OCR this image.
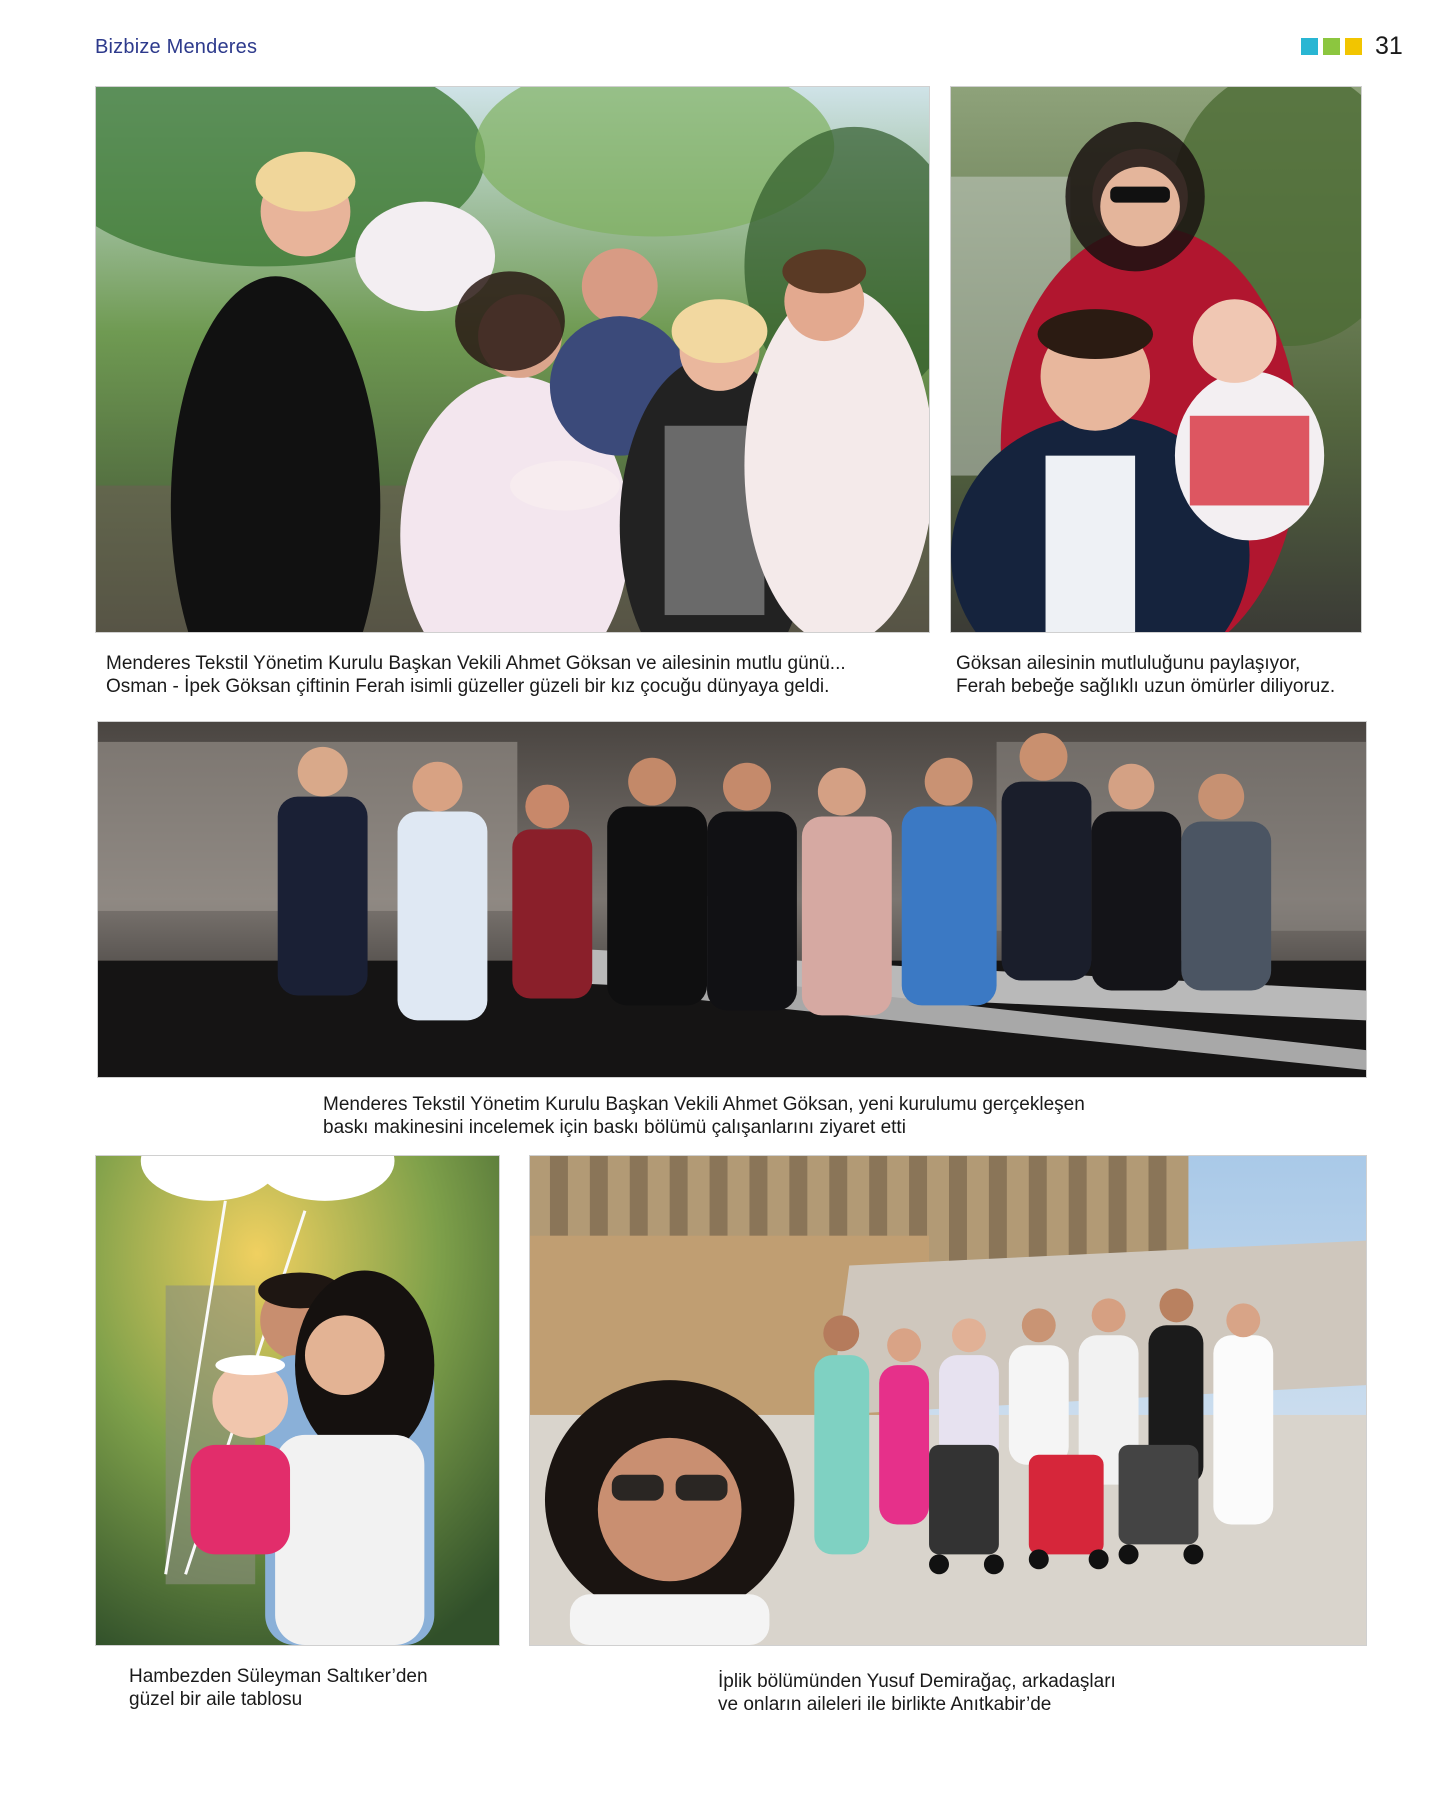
Bizbize Menderes	31
Menderes Tekstil Yönetim Kurulu Başkan Vekili Ahmet Göksan ve ailesinin mutlu günü...
Osman - İpek Göksan çiftinin Ferah isimli güzeller güzeli bir kız çocuğu dünyaya geldi.
Göksan ailesinin mutluluğunu paylaşıyor,
Ferah bebeğe sağlıklı uzun ömürler diliyoruz.
Menderes Tekstil Yönetim Kurulu Başkan Vekili Ahmet Göksan, yeni kurulumu gerçekleşen
baskı makinesini incelemek için baskı bölümü çalışanlarını ziyaret etti
Hambezden Süleyman Saltıker’den
güzel bir aile tablosu
İplik bölümünden Yusuf Demirağaç, arkadaşları
ve onların aileleri ile birlikte Anıtkabir’de
